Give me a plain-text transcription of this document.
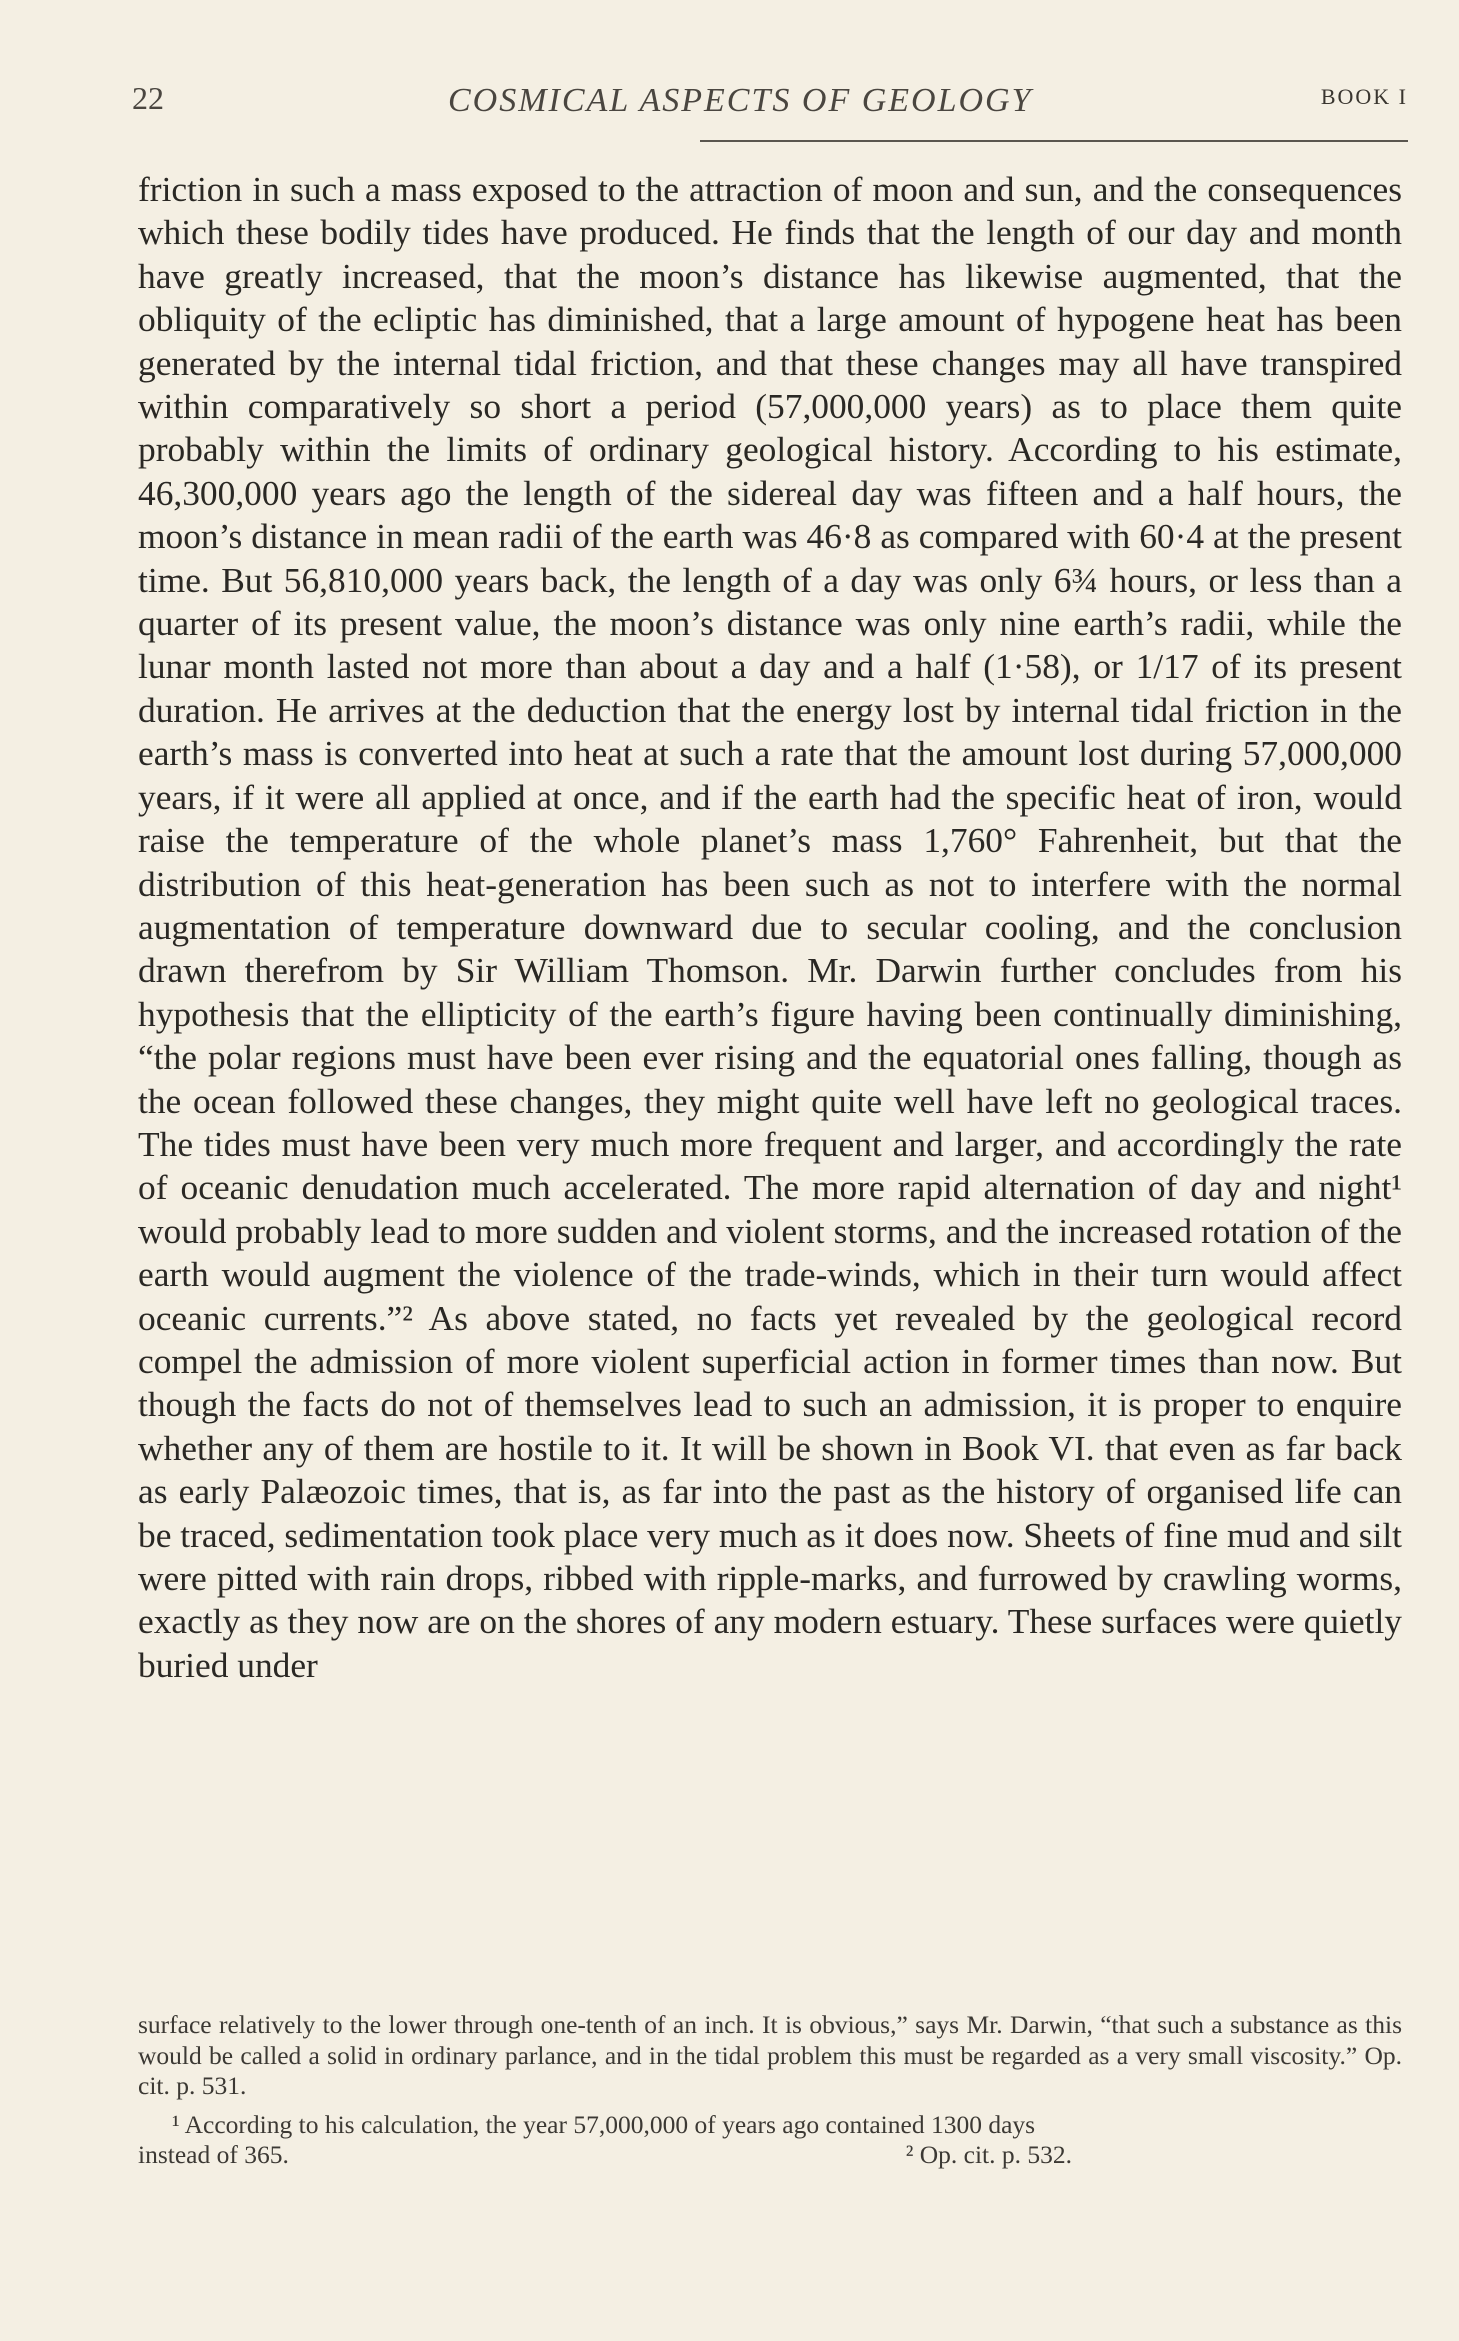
22	COSMICAL ASPECTS OF GEOLOGY	BOOK I

friction in such a mass exposed to the attraction of moon and sun, and the consequences which these bodily tides have produced. He finds that the length of our day and month have greatly increased, that the moon’s distance has likewise augmented, that the obliquity of the ecliptic has diminished, that a large amount of hypogene heat has been generated by the internal tidal friction, and that these changes may all have transpired within comparatively so short a period (57,000,000 years) as to place them quite probably within the limits of ordinary geological history. According to his estimate, 46,300,000 years ago the length of the sidereal day was fifteen and a half hours, the moon’s distance in mean radii of the earth was 46·8 as compared with 60·4 at the present time. But 56,810,000 years back, the length of a day was only 6¾ hours, or less than a quarter of its present value, the moon’s distance was only nine earth’s radii, while the lunar month lasted not more than about a day and a half (1·58), or 1/17 of its present duration. He arrives at the deduction that the energy lost by internal tidal friction in the earth’s mass is converted into heat at such a rate that the amount lost during 57,000,000 years, if it were all applied at once, and if the earth had the specific heat of iron, would raise the temperature of the whole planet’s mass 1,760° Fahrenheit, but that the distribution of this heat-generation has been such as not to interfere with the normal augmentation of temperature downward due to secular cooling, and the conclusion drawn therefrom by Sir William Thomson. Mr. Darwin further concludes from his hypothesis that the ellipticity of the earth’s figure having been continually diminishing, “the polar regions must have been ever rising and the equatorial ones falling, though as the ocean followed these changes, they might quite well have left no geological traces. The tides must have been very much more frequent and larger, and accordingly the rate of oceanic denudation much accelerated. The more rapid alternation of day and night¹ would probably lead to more sudden and violent storms, and the increased rotation of the earth would augment the violence of the trade-winds, which in their turn would affect oceanic currents.”² As above stated, no facts yet revealed by the geological record compel the admission of more violent superficial action in former times than now. But though the facts do not of themselves lead to such an admission, it is proper to enquire whether any of them are hostile to it. It will be shown in Book VI. that even as far back as early Palæozoic times, that is, as far into the past as the history of organised life can be traced, sedimentation took place very much as it does now. Sheets of fine mud and silt were pitted with rain drops, ribbed with ripple-marks, and furrowed by crawling worms, exactly as they now are on the shores of any modern estuary. These surfaces were quietly buried under

surface relatively to the lower through one-tenth of an inch. It is obvious,” says Mr. Darwin, “that such a substance as this would be called a solid in ordinary parlance, and in the tidal problem this must be regarded as a very small viscosity.” Op. cit. p. 531.

¹ According to his calculation, the year 57,000,000 of years ago contained 1300 days

instead of 365.	² Op. cit. p. 532.
